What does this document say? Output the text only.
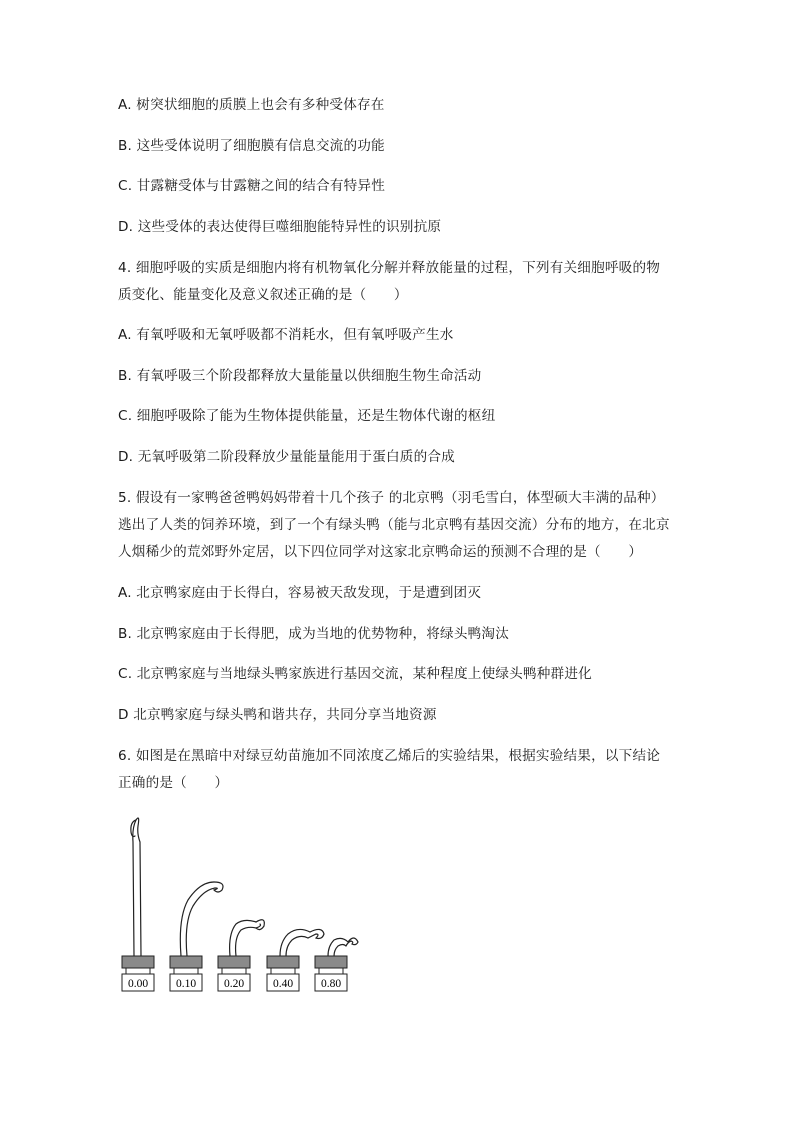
A. 树突状细胞的质膜上也会有多种受体存在
B. 这些受体说明了细胞膜有信息交流的功能
C. 甘露糖受体与甘露糖之间的结合有特异性
D. 这些受体的表达使得巨噬细胞能特异性的识别抗原
4. 细胞呼吸的实质是细胞内将有机物氧化分解并释放能量的过程，下列有关细胞呼吸的物
质变化、能量变化及意义叙述正确的是（　　）
A. 有氧呼吸和无氧呼吸都不消耗水，但有氧呼吸产生水
B. 有氧呼吸三个阶段都释放大量能量以供细胞生物生命活动
C. 细胞呼吸除了能为生物体提供能量，还是生物体代谢的枢纽
D. 无氧呼吸第二阶段释放少量能量能用于蛋白质的合成
5. 假设有一家鸭爸爸鸭妈妈带着十几个孩子 的北京鸭（羽毛雪白，体型硕大丰满的品种）
逃出了人类的饲养环境，到了一个有绿头鸭（能与北京鸭有基因交流）分布的地方，在北京
人烟稀少的荒郊野外定居，以下四位同学对这家北京鸭命运的预测不合理的是（　　）
A. 北京鸭家庭由于长得白，容易被天敌发现，于是遭到团灭
B. 北京鸭家庭由于长得肥，成为当地的优势物种，将绿头鸭淘汰
C. 北京鸭家庭与当地绿头鸭家族进行基因交流，某种程度上使绿头鸭种群进化
D 北京鸭家庭与绿头鸭和谐共存，共同分享当地资源
6. 如图是在黑暗中对绿豆幼苗施加不同浓度乙烯后的实验结果，根据实验结果，以下结论
正确的是（　　）
0.00 0.10 0.20	0.40 0.80
